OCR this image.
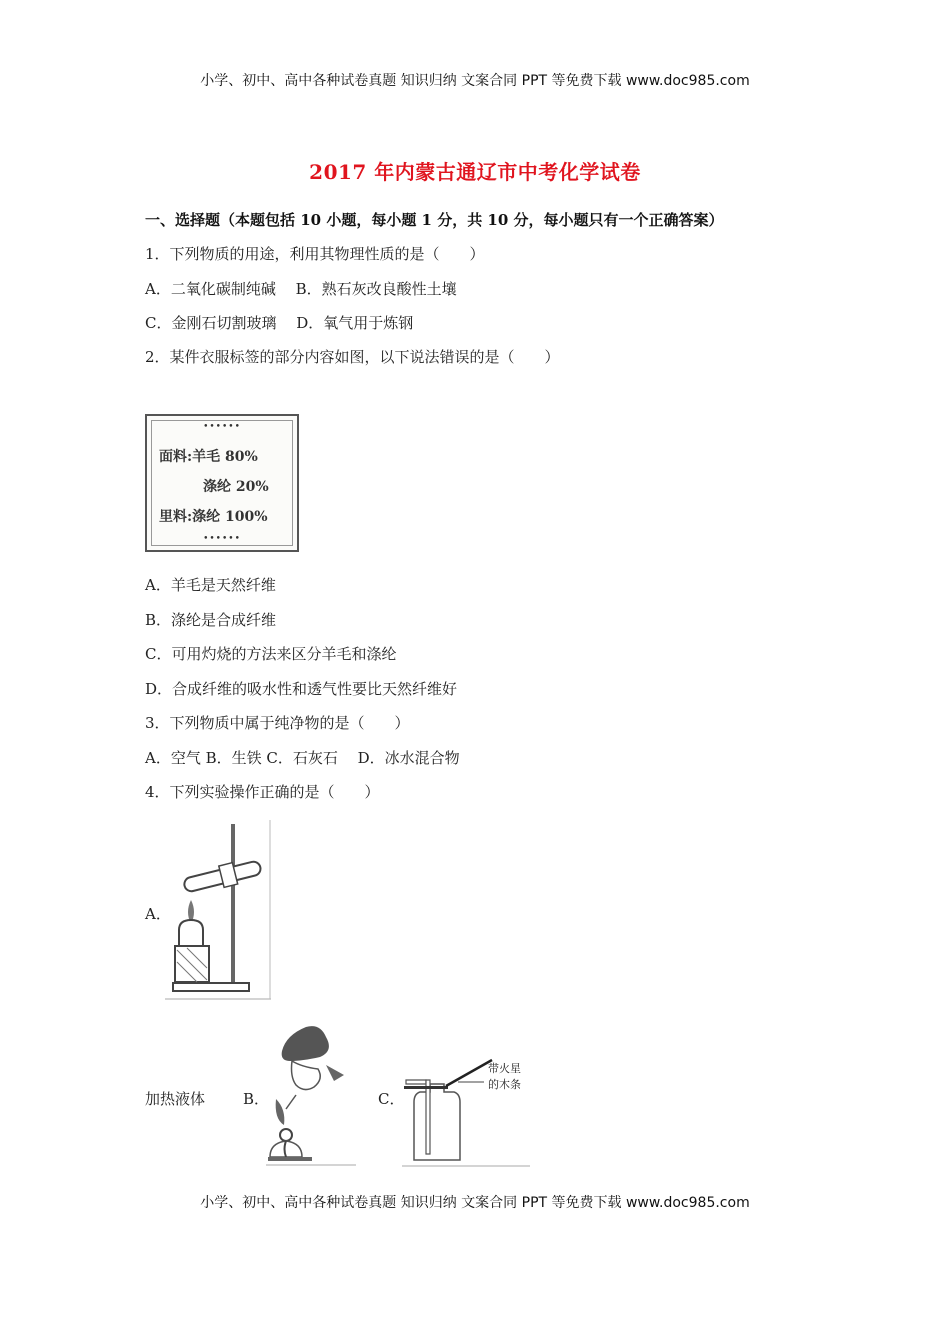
小学、初中、高中各种试卷真题 知识归纳 文案合同 PPT 等免费下载 www.doc985.com
2017 年内蒙古通辽市中考化学试卷
一、选择题（本题包括 10 小题，每小题 1 分，共 10 分，每小题只有一个正确答案）
1．下列物质的用途，利用其物理性质的是（　　）
A．二氧化碳制纯碱　 B．熟石灰改良酸性土壤
C．金刚石切割玻璃　 D．氧气用于炼钢
2．某件衣服标签的部分内容如图，以下说法错误的是（　　）
••••••
面料:羊毛 80%
涤纶 20%
里料:涤纶 100%
••••••
A．羊毛是天然纤维
B．涤纶是合成纤维
C．可用灼烧的方法来区分羊毛和涤纶
D．合成纤维的吸水性和透气性要比天然纤维好
3．下列物质中属于纯净物的是（　　）
A．空气 B．生铁 C．石灰石　 D．冰水混合物
4．下列实验操作正确的是（　　）
A．
加热液体	B．	C．
带火星
的木条
小学、初中、高中各种试卷真题 知识归纳 文案合同 PPT 等免费下载 www.doc985.com
